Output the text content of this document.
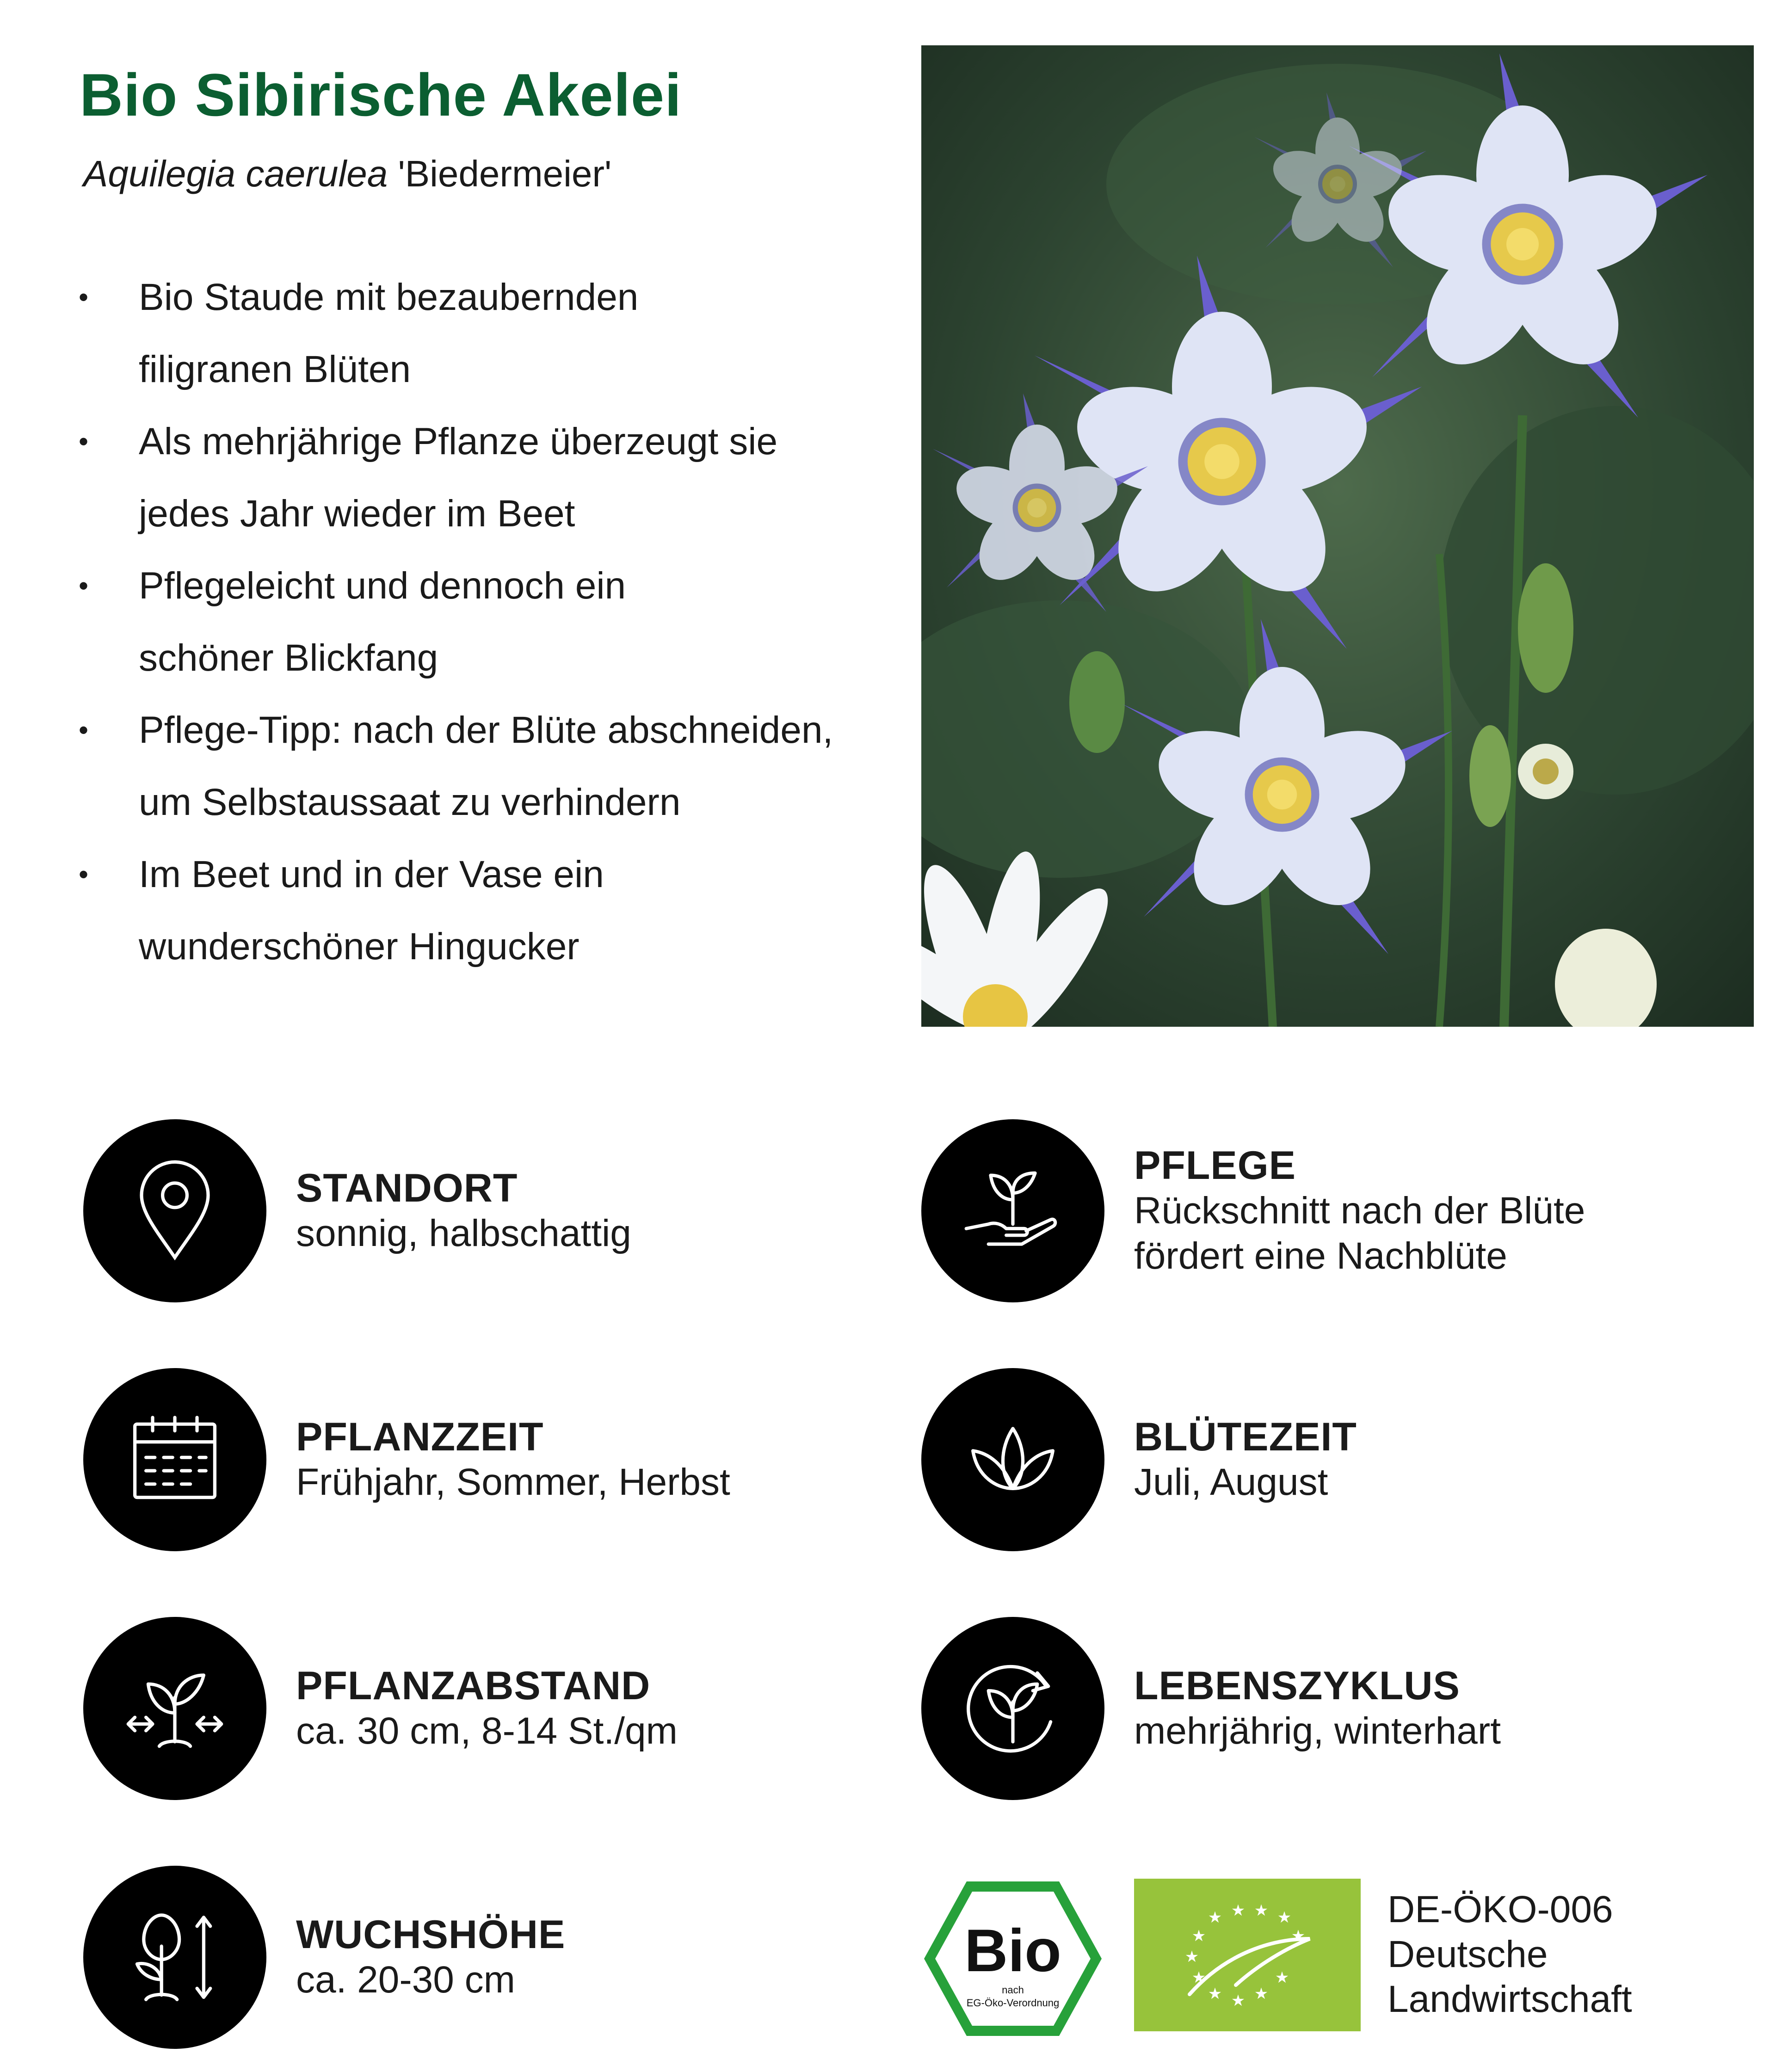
Bio Sibirische Akelei
Aquilegia caerulea 'Biedermeier'
• Bio Staude mit bezaubernden
filigranen Blüten
• Als mehrjährige Pflanze überzeugt sie
jedes Jahr wieder im Beet
• Pflegeleicht und dennoch ein
schöner Blickfang
• Pflege-Tipp: nach der Blüte abschneiden,
um Selbstaussaat zu verhindern
• Im Beet und in der Vase ein
wunderschöner Hingucker
STANDORT
sonnig, halbschattig
PFLEGE
Rückschnitt nach der Blüte
fördert eine Nachblüte
PFLANZZEIT
Frühjahr, Sommer, Herbst
BLÜTEZEIT
Juli, August
PFLANZABSTAND
ca. 30 cm, 8-14 St./qm
LEBENSZYKLUS
mehrjährig, winterhart
WUCHSHÖHE
ca. 20-30 cm	Bio
nach
EG-Öko-Verordnung
★ ★ ★ ★
★	★
★
★
★ ★ ★
★
DE-ÖKO-006
Deutsche
Landwirtschaft
